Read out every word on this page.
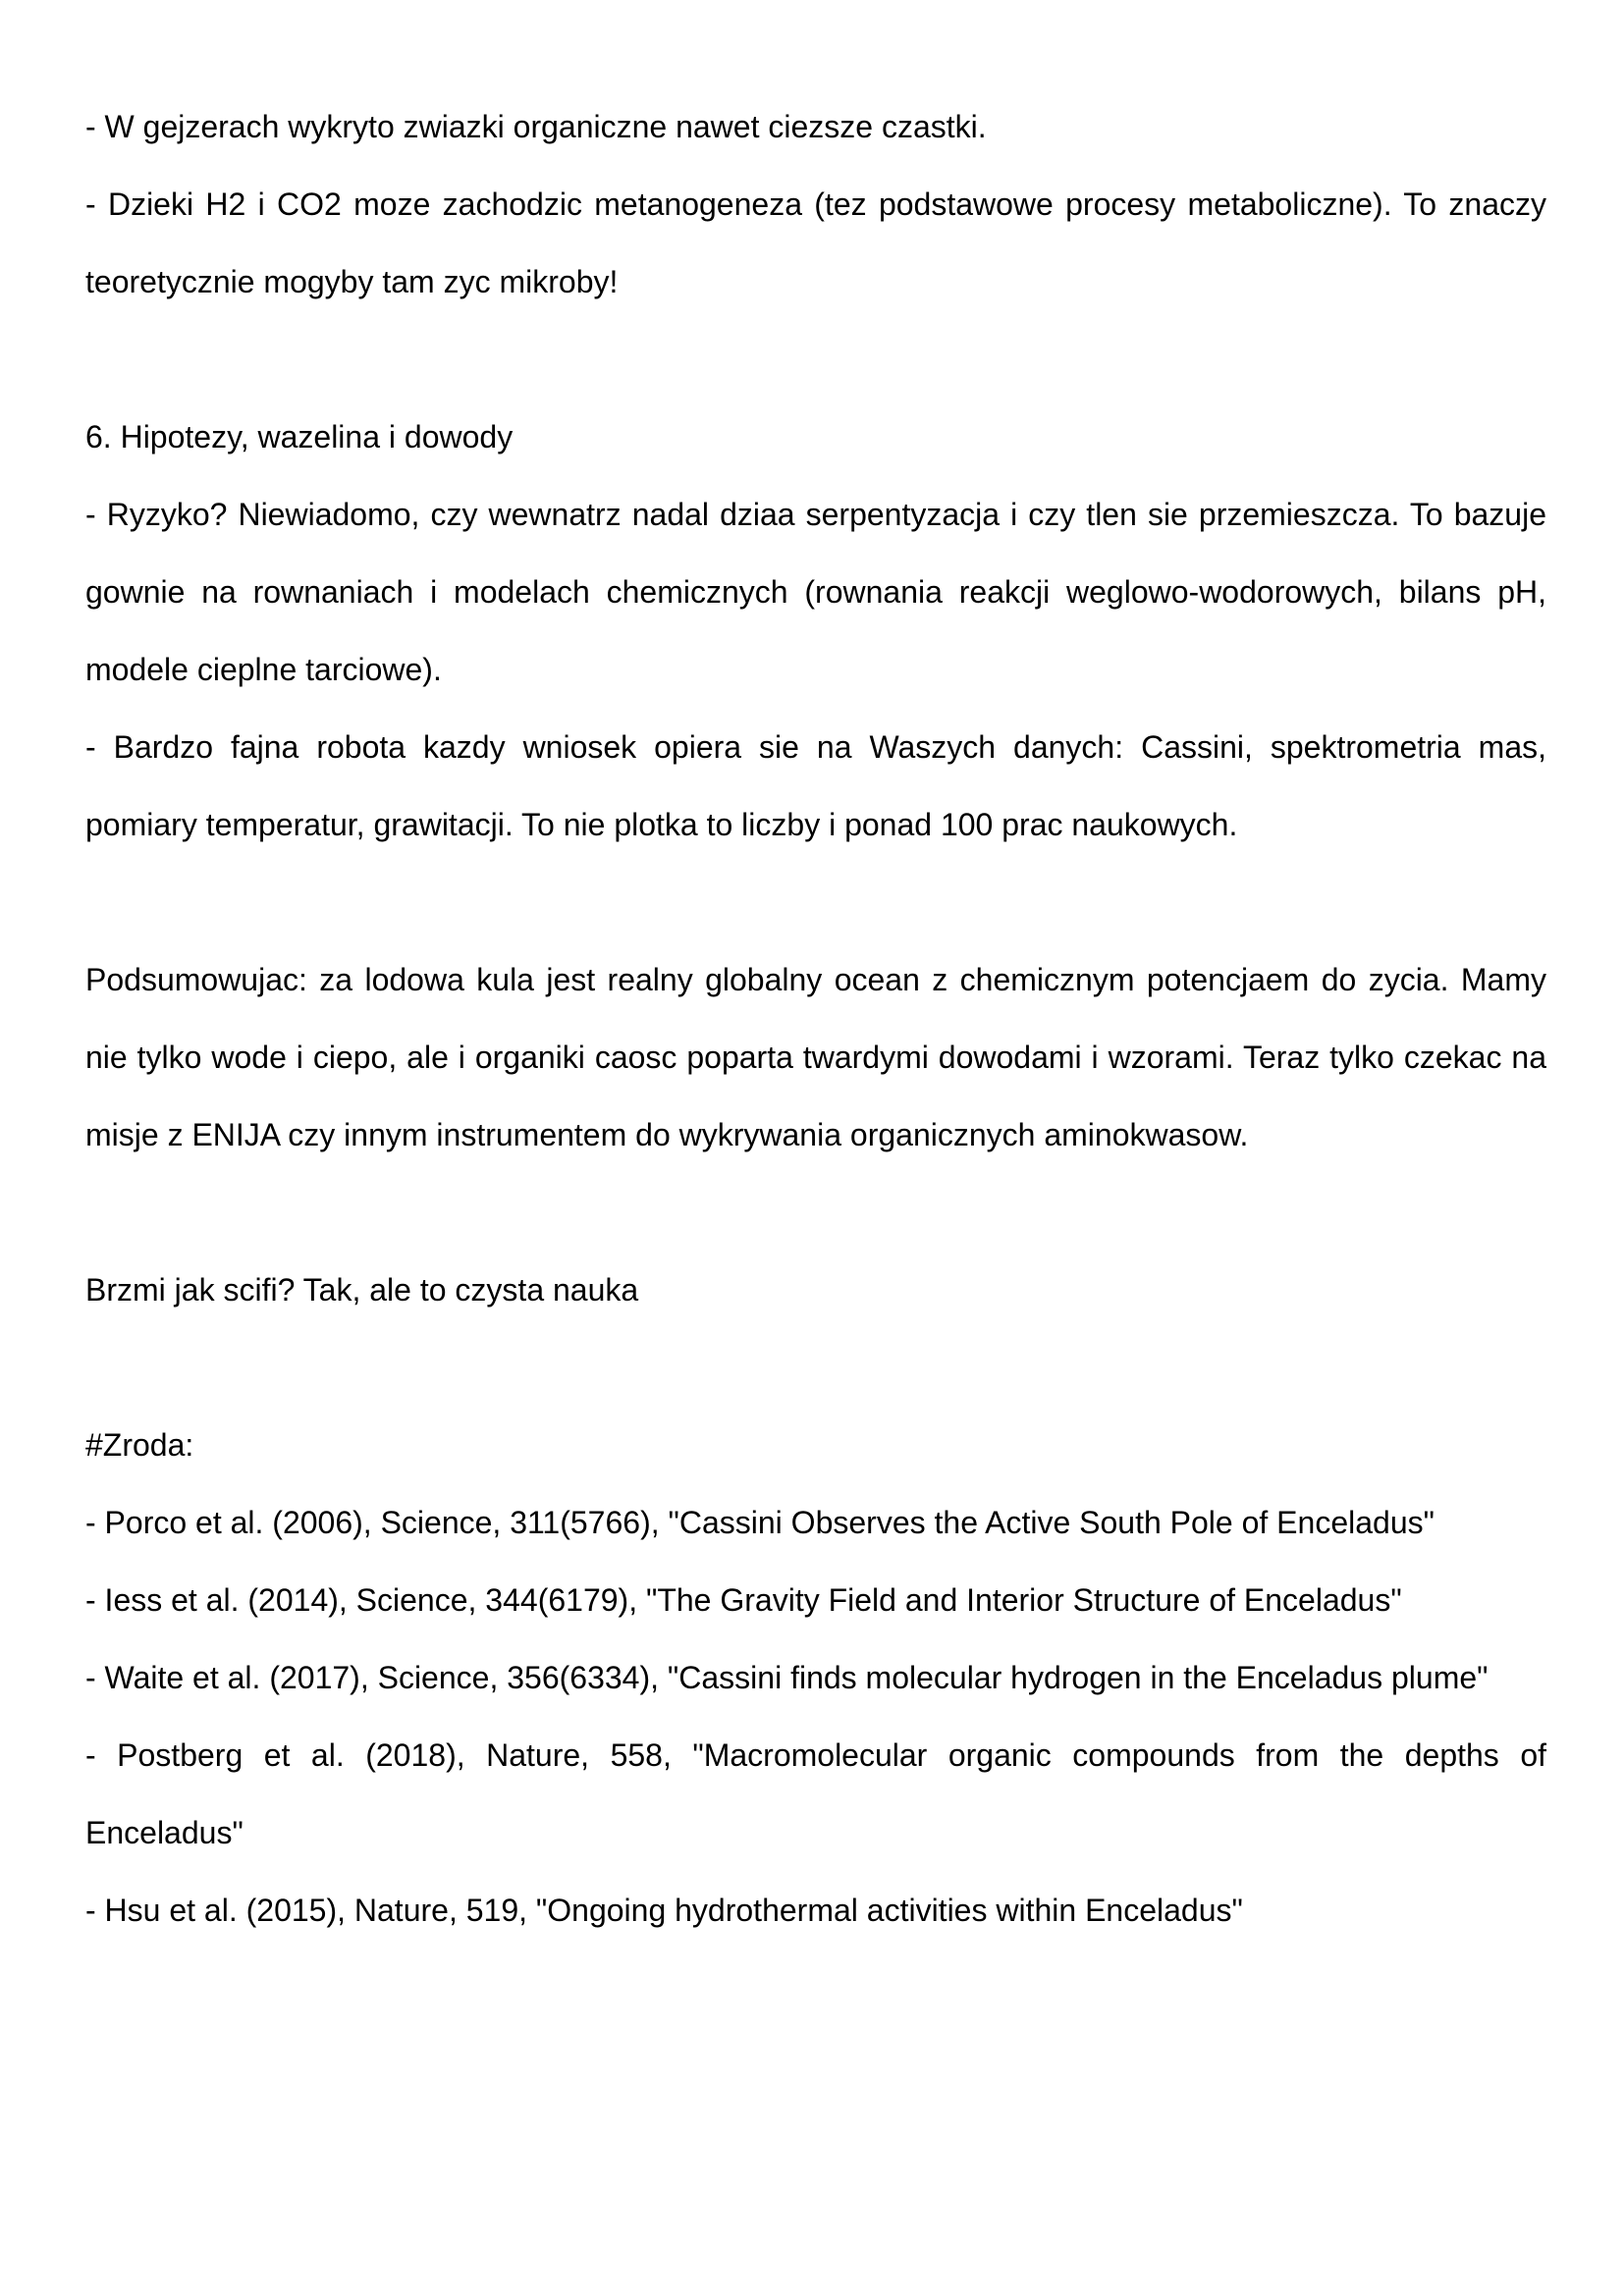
- W gejzerach wykryto zwiazki organiczne nawet ciezsze czastki.

- Dzieki H2 i CO2 moze zachodzic metanogeneza (tez podstawowe procesy metaboliczne). To znaczy teoretycznie mogyby tam zyc mikroby!

6. Hipotezy, wazelina i dowody

- Ryzyko? Niewiadomo, czy wewnatrz nadal dziaa serpentyzacja i czy tlen sie przemieszcza. To bazuje gownie na rownaniach i modelach chemicznych (rownania reakcji weglowo-wodorowych, bilans pH, modele cieplne tarciowe).

- Bardzo fajna robota kazdy wniosek opiera sie na Waszych danych: Cassini, spektrometria mas, pomiary temperatur, grawitacji. To nie plotka to liczby i ponad 100 prac naukowych.

Podsumowujac: za lodowa kula jest realny globalny ocean z chemicznym potencjaem do zycia. Mamy nie tylko wode i ciepo, ale i organiki caosc poparta twardymi dowodami i wzorami. Teraz tylko czekac na misje z ENIJA czy innym instrumentem do wykrywania organicznych aminokwasow.

Brzmi jak scifi? Tak, ale to czysta nauka

#Zroda:

- Porco et al. (2006), Science, 311(5766), "Cassini Observes the Active South Pole of Enceladus"

- Iess et al. (2014), Science, 344(6179), "The Gravity Field and Interior Structure of Enceladus"

- Waite et al. (2017), Science, 356(6334), "Cassini finds molecular hydrogen in the Enceladus plume"

- Postberg et al. (2018), Nature, 558, "Macromolecular organic compounds from the depths of Enceladus"

- Hsu et al. (2015), Nature, 519, "Ongoing hydrothermal activities within Enceladus"
